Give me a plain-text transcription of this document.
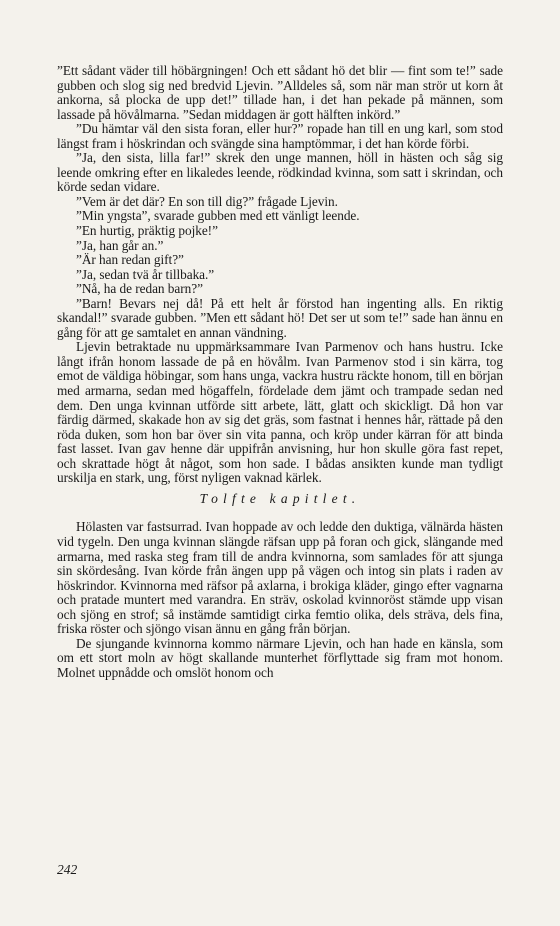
”Ett sådant väder till höbärgningen! Och ett sådant hö det blir — fint som te!” sade gubben och slog sig ned bredvid Ljevin. ”Alldeles så, som när man strör ut korn åt ankorna, så plocka de upp det!” tillade han, i det han pekade på männen, som lassade på hövålmarna. ”Sedan middagen är gott hälften inkörd.”

”Du hämtar väl den sista foran, eller hur?” ropade han till en ung karl, som stod längst fram i höskrindan och svängde sina hamptömmar, i det han körde förbi.

”Ja, den sista, lilla far!” skrek den unge mannen, höll in hästen och såg sig leende omkring efter en likaledes leende, rödkindad kvinna, som satt i skrindan, och körde sedan vidare.

”Vem är det där? En son till dig?” frågade Ljevin.

”Min yngsta”, svarade gubben med ett vänligt leende.

”En hurtig, präktig pojke!”

”Ja, han går an.”

”Är han redan gift?”

”Ja, sedan tvä år tillbaka.”

”Nå, ha de redan barn?”

”Barn! Bevars nej då! På ett helt år förstod han ingenting alls. En riktig skandal!” svarade gubben. ”Men ett sådant hö! Det ser ut som te!” sade han ännu en gång för att ge samtalet en annan vändning.

Ljevin betraktade nu uppmärksammare Ivan Parmenov och hans hustru. Icke långt ifrån honom lassade de på en hövålm. Ivan Parmenov stod i sin kärra, tog emot de väldiga höbingar, som hans unga, vackra hustru räckte honom, till en början med armarna, sedan med högaffeln, fördelade dem jämt och trampade sedan ned dem. Den unga kvinnan utförde sitt arbete, lätt, glatt och skickligt. Då hon var färdig därmed, skakade hon av sig det gräs, som fastnat i hennes hår, rättade på den röda duken, som hon bar över sin vita panna, och kröp under kärran för att binda fast lasset. Ivan gav henne där uppifrån anvisning, hur hon skulle göra fast repet, och skrattade högt åt något, som hon sade. I bådas ansikten kunde man tydligt urskilja en stark, ung, först nyligen vaknad kärlek.

Tolfte kapitlet.

Hölasten var fastsurrad. Ivan hoppade av och ledde den duktiga, välnärda hästen vid tygeln. Den unga kvinnan slängde räfsan upp på foran och gick, slängande med armarna, med raska steg fram till de andra kvinnorna, som samlades för att sjunga sin skördesång. Ivan körde från ängen upp på vägen och intog sin plats i raden av höskrindor. Kvinnorna med räfsor på axlarna, i brokiga kläder, gingo efter vagnarna och pratade muntert med varandra. En sträv, oskolad kvinnoröst stämde upp visan och sjöng en strof; så instämde samtidigt cirka femtio olika, dels sträva, dels fina, friska röster och sjöngo visan ännu en gång från början.

De sjungande kvinnorna kommo närmare Ljevin, och han hade en känsla, som om ett stort moln av högt skallande munterhet förflyttade sig fram mot honom. Molnet uppnådde och omslöt honom och

242
